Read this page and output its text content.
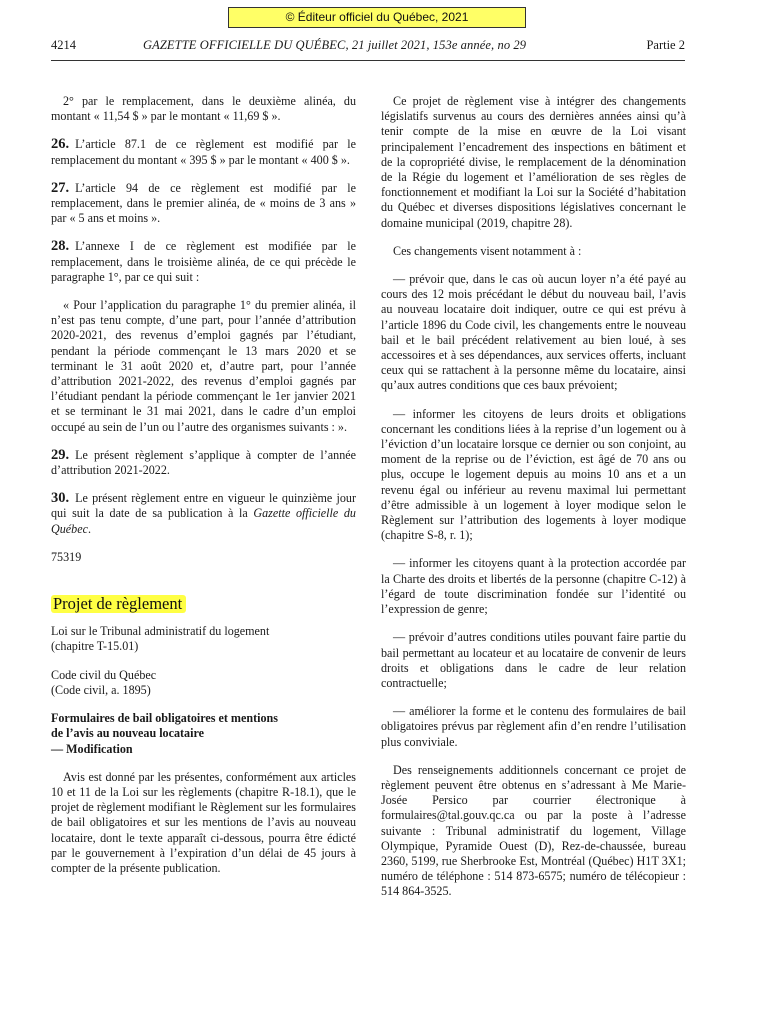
© Éditeur officiel du Québec, 2021
4214	GAZETTE OFFICIELLE DU QUÉBEC, 21 juillet 2021, 153e année, no 29	Partie 2

2° par le remplacement, dans le deuxième alinéa, du montant « 11,54 $ » par le montant « 11,69 $ ».

26. L’article 87.1 de ce règlement est modifié par le remplacement du montant « 395 $ » par le montant « 400 $ ».

27. L’article 94 de ce règlement est modifié par le remplacement, dans le premier alinéa, de « moins de 3 ans » par « 5 ans et moins ».

28. L’annexe I de ce règlement est modifiée par le remplacement, dans le troisième alinéa, de ce qui précède le paragraphe 1°, par ce qui suit :

« Pour l’application du paragraphe 1° du premier alinéa, il n’est pas tenu compte, d’une part, pour l’année d’attribution 2020-2021, des revenus d’emploi gagnés par l’étudiant, pendant la période commençant le 13 mars 2020 et se terminant le 31 août 2020 et, d’autre part, pour l’année d’attribution 2021-2022, des revenus d’emploi gagnés par l’étudiant pendant la période commençant le 1er janvier 2021 et se terminant le 31 mai 2021, dans le cadre d’un emploi occupé au sein de l’un ou l’autre des organismes suivants : ».

29. Le présent règlement s’applique à compter de l’année d’attribution 2021-2022.

30. Le présent règlement entre en vigueur le quinzième jour qui suit la date de sa publication à la Gazette officielle du Québec.

75319

Projet de règlement

Loi sur le Tribunal administratif du logement
(chapitre T-15.01)

Code civil du Québec
(Code civil, a. 1895)

Formulaires de bail obligatoires et mentions
de l’avis au nouveau locataire
— Modification

Avis est donné par les présentes, conformément aux articles 10 et 11 de la Loi sur les règlements (chapitre R-18.1), que le projet de règlement modifiant le Règlement sur les formulaires de bail obligatoires et sur les mentions de l’avis au nouveau locataire, dont le texte apparaît ci-dessous, pourra être édicté par le gouvernement à l’expiration d’un délai de 45 jours à compter de la présente publication.

Ce projet de règlement vise à intégrer des changements législatifs survenus au cours des dernières années ainsi qu’à tenir compte de la mise en œuvre de la Loi visant principalement l’encadrement des inspections en bâtiment et de la copropriété divise, le remplacement de la dénomination de la Régie du logement et l’amélioration de ses règles de fonctionnement et modifiant la Loi sur la Société d’habitation du Québec et diverses dispositions législatives concernant le domaine municipal (2019, chapitre 28).

Ces changements visent notamment à :

— prévoir que, dans le cas où aucun loyer n’a été payé au cours des 12 mois précédant le début du nouveau bail, l’avis au nouveau locataire doit indiquer, outre ce qui est prévu à l’article 1896 du Code civil, les changements entre le nouveau bail et le bail précédent relativement au bien loué, à ses accessoires et à ses dépendances, aux services offerts, incluant ceux qui se rattachent à la personne même du locataire, ainsi qu’aux autres conditions que ces baux prévoient;

— informer les citoyens de leurs droits et obligations concernant les conditions liées à la reprise d’un logement ou à l’éviction d’un locataire lorsque ce dernier ou son conjoint, au moment de la reprise ou de l’éviction, est âgé de 70 ans ou plus, occupe le logement depuis au moins 10 ans et a un revenu égal ou inférieur au revenu maximal lui permettant d’être admissible à un logement à loyer modique selon le Règlement sur l’attribution des logements à loyer modique (chapitre S-8, r. 1);

— informer les citoyens quant à la protection accordée par la Charte des droits et libertés de la personne (chapitre C-12) à l’égard de toute discrimination fondée sur l’identité ou l’expression de genre;

— prévoir d’autres conditions utiles pouvant faire partie du bail permettant au locateur et au locataire de convenir de leurs droits et obligations dans le cadre de leur relation contractuelle;

— améliorer la forme et le contenu des formulaires de bail obligatoires prévus par règlement afin d’en rendre l’utilisation plus conviviale.

Des renseignements additionnels concernant ce projet de règlement peuvent être obtenus en s’adressant à Me Marie-Josée Persico par courrier électronique à formulaires@tal.gouv.qc.ca ou par la poste à l’adresse suivante : Tribunal administratif du logement, Village Olympique, Pyramide Ouest (D), Rez-de-chaussée, bureau 2360, 5199, rue Sherbrooke Est, Montréal (Québec) H1T 3X1; numéro de téléphone : 514 873-6575; numéro de télécopieur : 514 864-3525.
